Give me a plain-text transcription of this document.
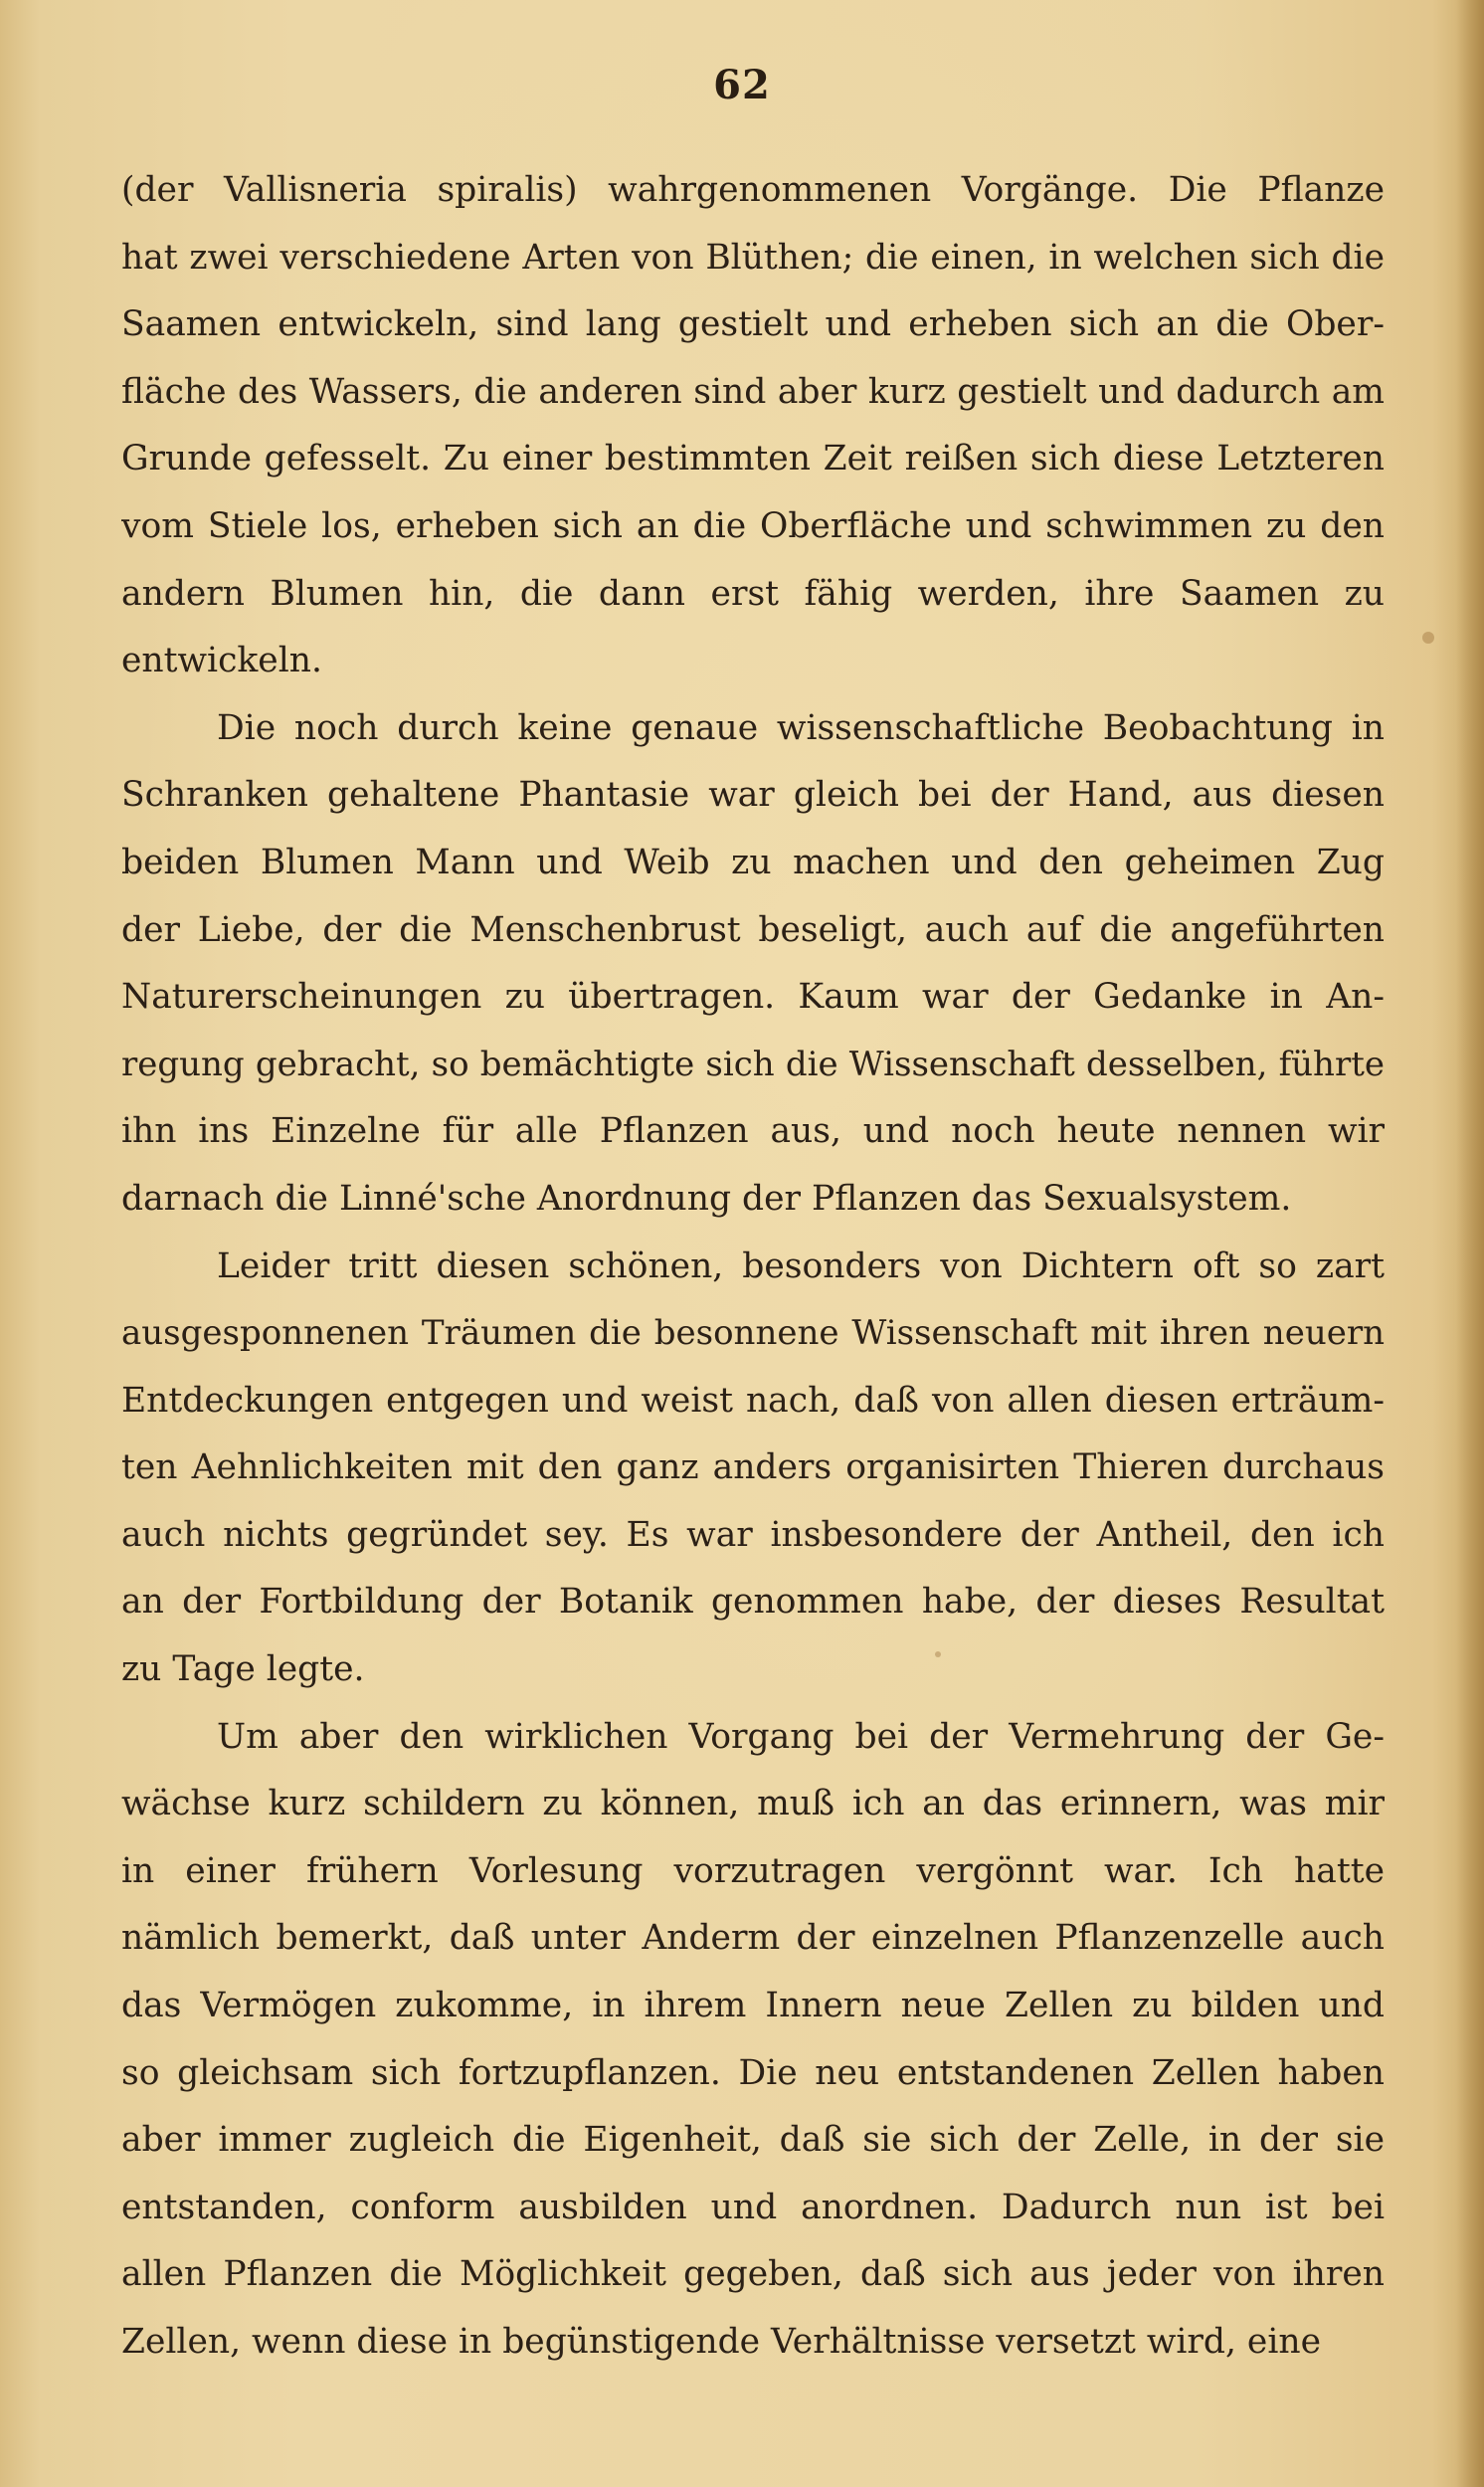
62
(der Vallisneria spiralis) wahrgenommenen Vorgänge. Die Pflanze
hat zwei verschiedene Arten von Blüthen; die einen, in welchen sich die
Saamen entwickeln, sind lang gestielt und erheben sich an die Ober-
fläche des Wassers, die anderen sind aber kurz gestielt und dadurch am
Grunde gefesselt. Zu einer bestimmten Zeit reißen sich diese Letzteren
vom Stiele los, erheben sich an die Oberfläche und schwimmen zu den
andern Blumen hin, die dann erst fähig werden, ihre Saamen zu
entwickeln.
Die noch durch keine genaue wissenschaftliche Beobachtung in
Schranken gehaltene Phantasie war gleich bei der Hand, aus diesen
beiden Blumen Mann und Weib zu machen und den geheimen Zug
der Liebe, der die Menschenbrust beseligt, auch auf die angeführten
Naturerscheinungen zu übertragen. Kaum war der Gedanke in An-
regung gebracht, so bemächtigte sich die Wissenschaft desselben, führte
ihn ins Einzelne für alle Pflanzen aus, und noch heute nennen wir
darnach die Linné'sche Anordnung der Pflanzen das Sexualsystem.
Leider tritt diesen schönen, besonders von Dichtern oft so zart
ausgesponnenen Träumen die besonnene Wissenschaft mit ihren neuern
Entdeckungen entgegen und weist nach, daß von allen diesen erträum-
ten Aehnlichkeiten mit den ganz anders organisirten Thieren durchaus
auch nichts gegründet sey. Es war insbesondere der Antheil, den ich
an der Fortbildung der Botanik genommen habe, der dieses Resultat
zu Tage legte.
Um aber den wirklichen Vorgang bei der Vermehrung der Ge-
wächse kurz schildern zu können, muß ich an das erinnern, was mir
in einer frühern Vorlesung vorzutragen vergönnt war. Ich hatte
nämlich bemerkt, daß unter Anderm der einzelnen Pflanzenzelle auch
das Vermögen zukomme, in ihrem Innern neue Zellen zu bilden und
so gleichsam sich fortzupflanzen. Die neu entstandenen Zellen haben
aber immer zugleich die Eigenheit, daß sie sich der Zelle, in der sie
entstanden, conform ausbilden und anordnen. Dadurch nun ist bei
allen Pflanzen die Möglichkeit gegeben, daß sich aus jeder von ihren
Zellen, wenn diese in begünstigende Verhältnisse versetzt wird, eine
